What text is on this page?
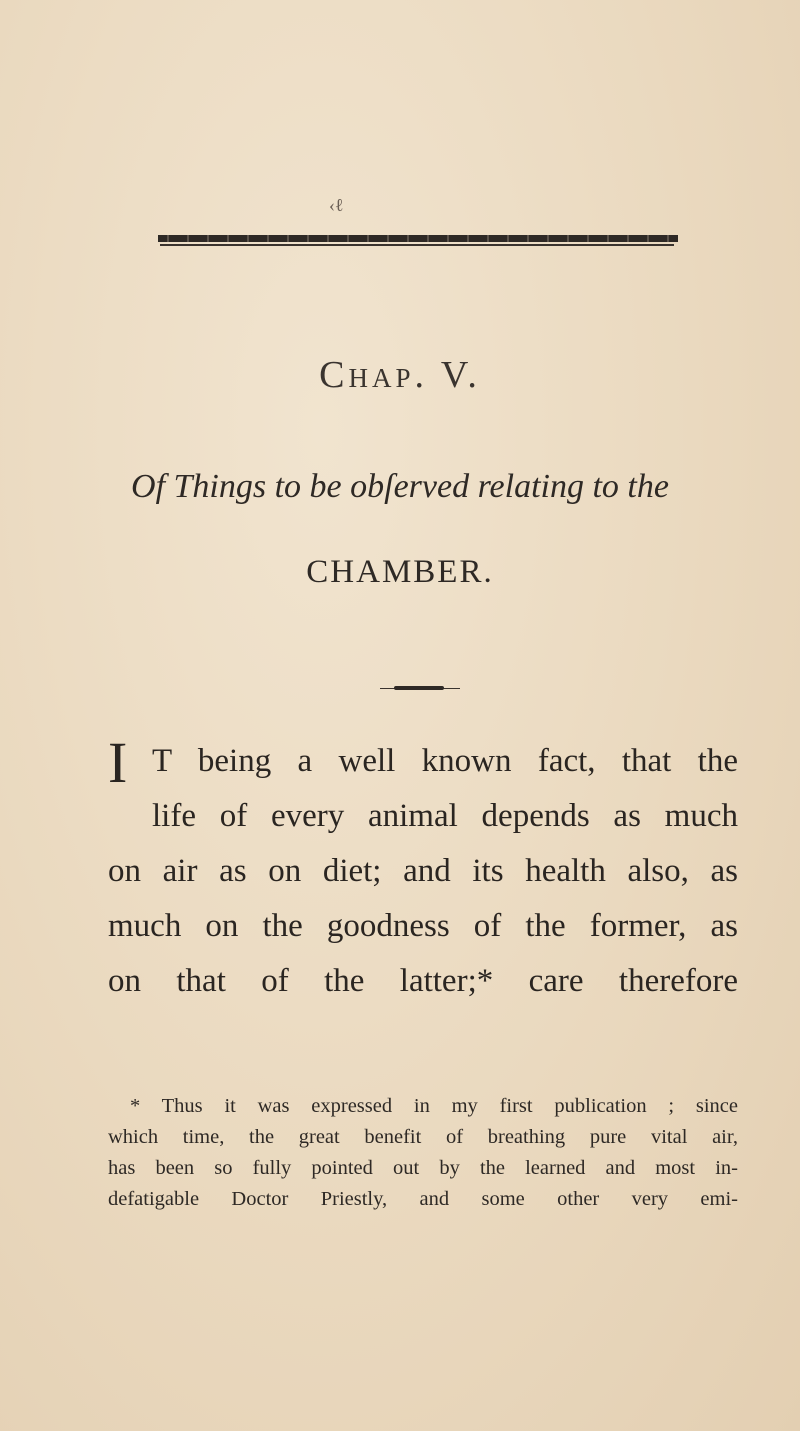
‹ℓ
Chap. V.
Of Things to be obſerved relating to the
CHAMBER.
I T being a well known fact, that the
life of every animal depends as much
on air as on diet; and its health also, as
much on the goodness of the former, as
on that of the latter;* care therefore
* Thus it was expressed in my first publication ; since
which time, the great benefit of breathing pure vital air,
has been so fully pointed out by the learned and most in-
defatigable Doctor Priestly, and some other very emi-
